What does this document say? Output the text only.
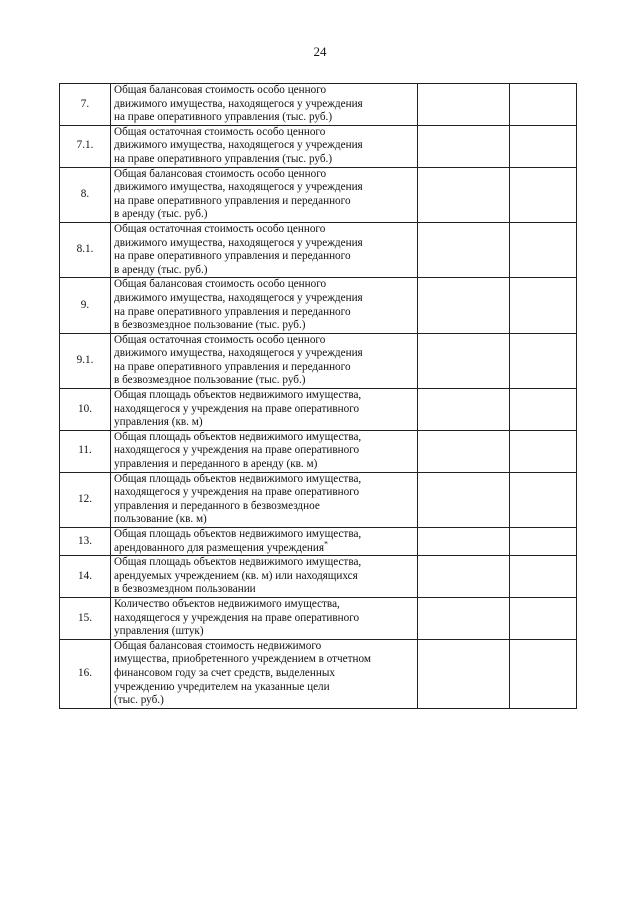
24
7.	Общая балансовая стоимость особо ценного
движимого имущества, находящегося у учреждения
на праве оперативного управления (тыс. руб.)		

7.1.	Общая остаточная стоимость особо ценного
движимого имущества, находящегося у учреждения
на праве оперативного управления (тыс. руб.)		

8.	Общая балансовая стоимость особо ценного
движимого имущества, находящегося у учреждения
на праве оперативного управления и переданного
в аренду (тыс. руб.)		

8.1.	Общая остаточная стоимость особо ценного
движимого имущества, находящегося у учреждения
на праве оперативного управления и переданного
в аренду (тыс. руб.)		

9.	Общая балансовая стоимость особо ценного
движимого имущества, находящегося у учреждения
на праве оперативного управления и переданного
в безвозмездное пользование (тыс. руб.)		

9.1.	Общая остаточная стоимость особо ценного
движимого имущества, находящегося у учреждения
на праве оперативного управления и переданного
в безвозмездное пользование (тыс. руб.)		

10.	Общая площадь объектов недвижимого имущества,
находящегося у учреждения на праве оперативного
управления (кв. м)		

11.	Общая площадь объектов недвижимого имущества,
находящегося у учреждения на праве оперативного
управления и переданного в аренду (кв. м)		

12.	Общая площадь объектов недвижимого имущества,
находящегося у учреждения на праве оперативного
управления и переданного в безвозмездное
пользование (кв. м)		

13.	Общая площадь объектов недвижимого имущества,
арендованного для размещения учреждения*

14.	Общая площадь объектов недвижимого имущества,
арендуемых учреждением (кв. м) или находящихся
в безвозмездном пользовании		

15.	Количество объектов недвижимого имущества,
находящегося у учреждения на праве оперативного
управления (штук)		

16.	Общая балансовая стоимость недвижимого
имущества, приобретенного учреждением в отчетном
финансовом году за счет средств, выделенных
учреждению учредителем на указанные цели
(тыс. руб.)		
